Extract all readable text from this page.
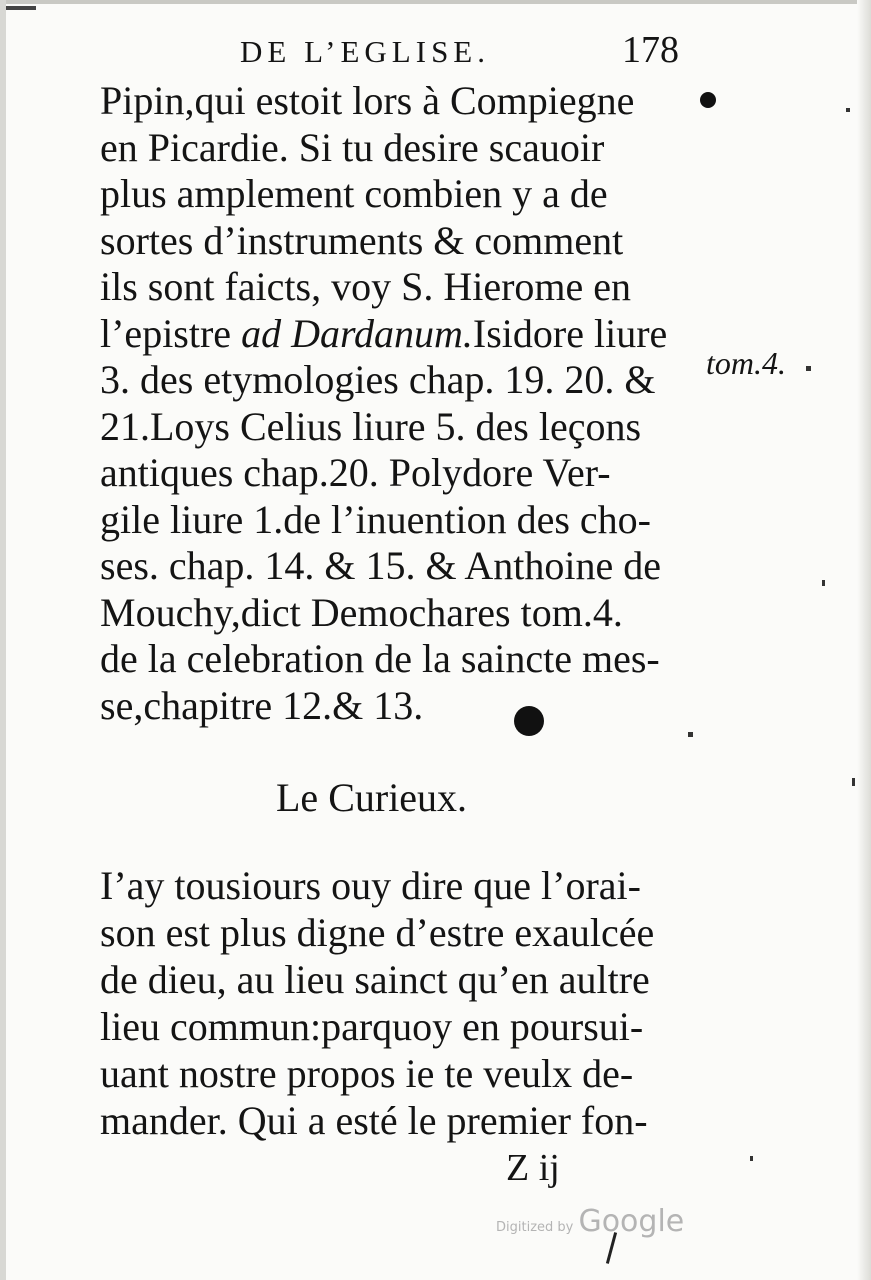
DE L’EGLISE.	178
Pipin,qui estoit lors à Compiegne
en Picardie. Si tu desire scauoir
plus amplement combien y a de
sortes d’instruments & comment
ils sont faicts, voy S. Hierome en
l’epistre ad Dardanum.Isidore liure
3. des etymologies chap. 19. 20. &
21.Loys Celius liure 5. des leçons
antiques chap.20. Polydore Ver-
gile liure 1.de l’inuention des cho-
ses. chap. 14. & 15. & Anthoine de
Mouchy,dict Demochares tom.4.
de la celebration de la saincte mes-
se,chapitre 12.& 13.
tom.4.
Le Curieux.
I’ay tousiours ouy dire que l’orai-
son est plus digne d’estre exaulcée
de dieu, au lieu sainct qu’en aultre
lieu commun:parquoy en poursui-
uant nostre propos ie te veulx de-
mander. Qui a esté le premier fon-
Z ij
Digitized by Google
